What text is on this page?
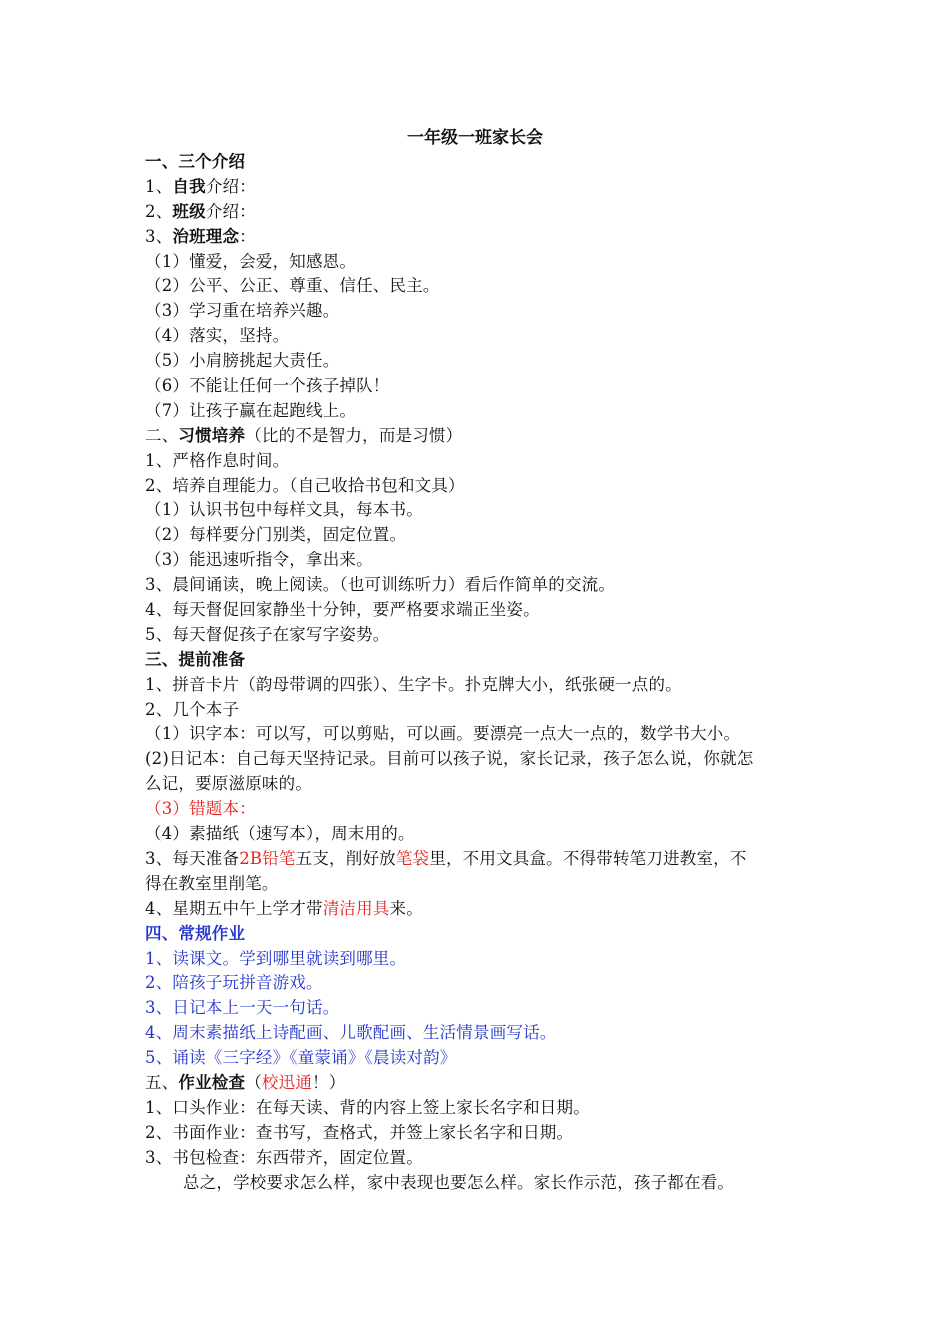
一年级一班家长会
一、三个介绍
1、自我介绍：
2、班级介绍：
3、治班理念：
（1）懂爱，会爱，知感恩。
（2）公平、公正、尊重、信任、民主。
（3）学习重在培养兴趣。
（4）落实，坚持。
（5）小肩膀挑起大责任。
（6）不能让任何一个孩子掉队！
（7）让孩子赢在起跑线上。
二、习惯培养（比的不是智力，而是习惯）
1、严格作息时间。
2、培养自理能力。（自己收拾书包和文具）
（1）认识书包中每样文具，每本书。
（2）每样要分门别类，固定位置。
（3）能迅速听指令，拿出来。
3、晨间诵读，晚上阅读。（也可训练听力）看后作简单的交流。
4、每天督促回家静坐十分钟，要严格要求端正坐姿。
5、每天督促孩子在家写字姿势。
三、提前准备
1、拼音卡片（韵母带调的四张）、生字卡。扑克牌大小，纸张硬一点的。
2、几个本子
（1）识字本：可以写，可以剪贴，可以画。要漂亮一点大一点的，数学书大小。
(2)日记本：自己每天坚持记录。目前可以孩子说，家长记录，孩子怎么说，你就怎
么记，要原滋原味的。
（3）错题本：
（4）素描纸（速写本），周末用的。
3、每天准备2B铅笔五支，削好放笔袋里，不用文具盒。不得带转笔刀进教室，不
得在教室里削笔。
4、星期五中午上学才带清洁用具来。
四、常规作业
1、读课文。学到哪里就读到哪里。
2、陪孩子玩拼音游戏。
3、日记本上一天一句话。
4、周末素描纸上诗配画、儿歌配画、生活情景画写话。
5、诵读《三字经》《童蒙诵》《晨读对韵》
五、作业检查（校迅通！）
1、口头作业：在每天读、背的内容上签上家长名字和日期。
2、书面作业：查书写，查格式，并签上家长名字和日期。
3、书包检查：东西带齐，固定位置。
总之，学校要求怎么样，家中表现也要怎么样。家长作示范，孩子都在看。
